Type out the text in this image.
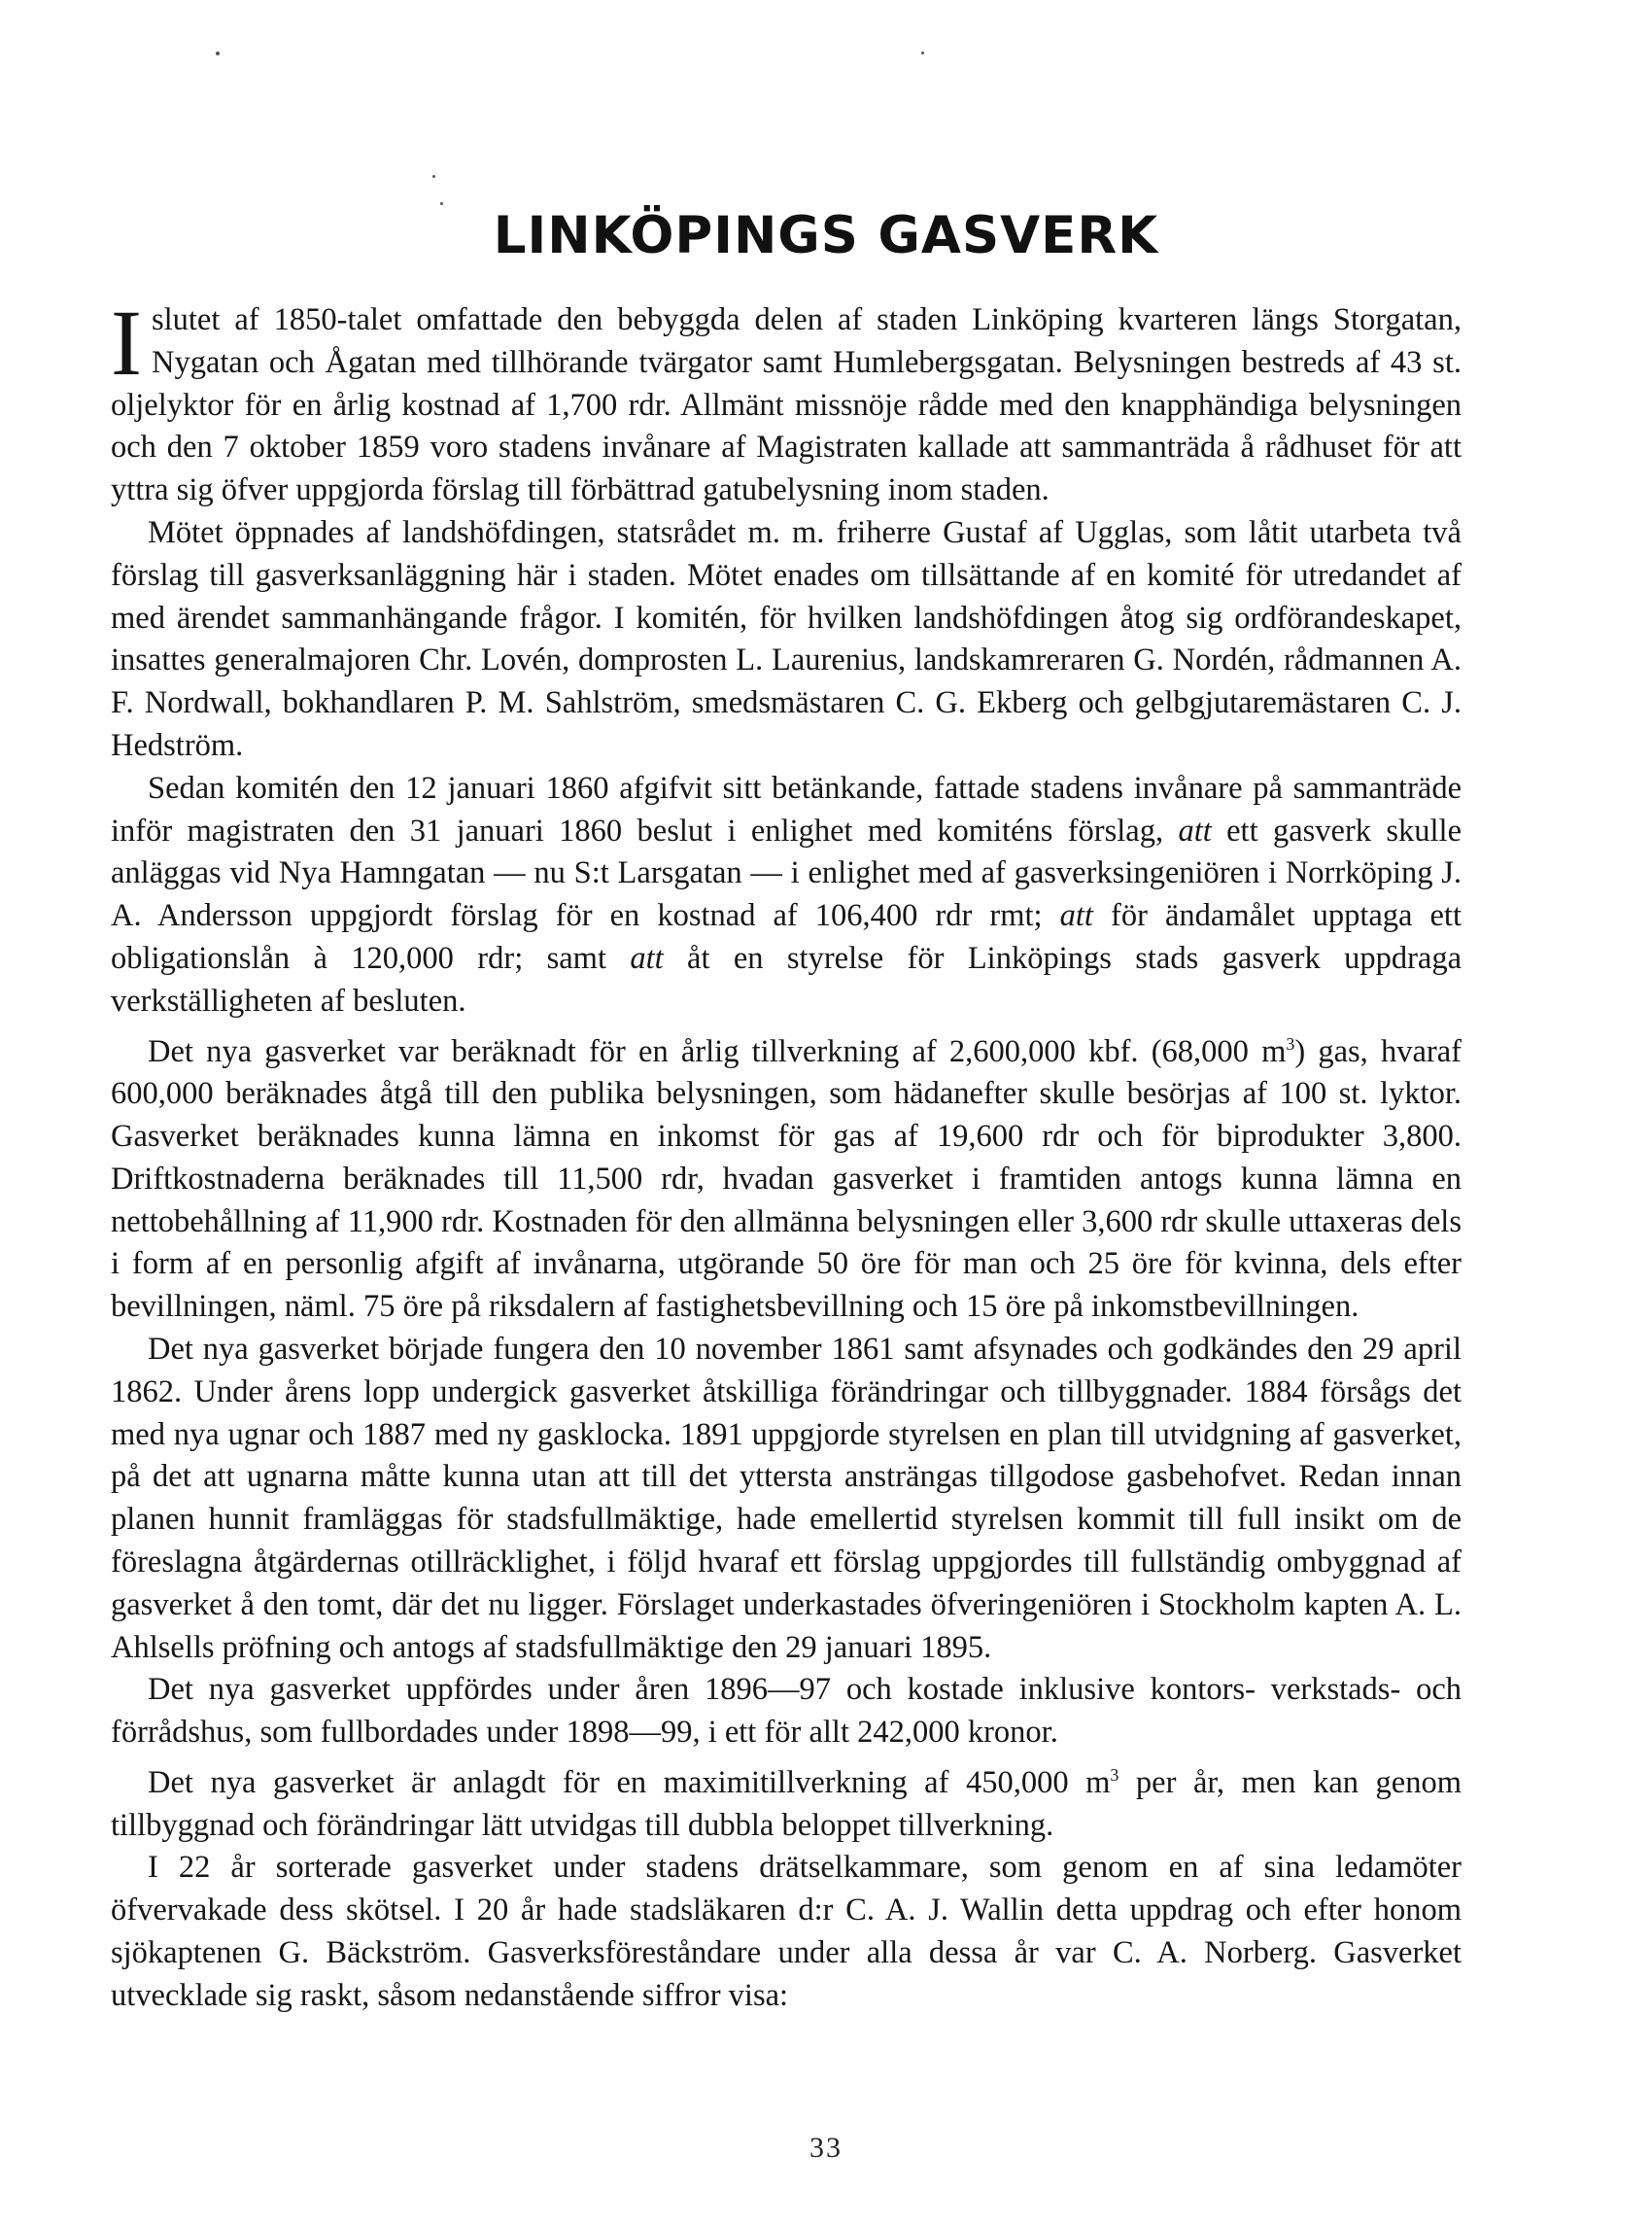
LINKÖPINGS GASVERK

Islutet af 1850-talet omfattade den bebyggda delen af staden Linköping kvarteren längs Storgatan, Nygatan och Ågatan med tillhörande tvärgator samt Humlebergsgatan. Belysningen bestreds af 43 st. oljelyktor för en årlig kostnad af 1,700 rdr. Allmänt missnöje rådde med den knapphändiga belysningen och den 7 oktober 1859 voro stadens invånare af Magistraten kallade att sammanträda å rådhuset för att yttra sig öfver uppgjorda förslag till förbättrad gatubelysning inom staden.

Mötet öppnades af landshöfdingen, statsrådet m. m. friherre Gustaf af Ugglas, som låtit utarbeta två förslag till gasverksanläggning här i staden. Mötet enades om tillsättande af en komité för utredandet af med ärendet sammanhängande frågor. I komitén, för hvilken landshöfdingen åtog sig ordförandeskapet, insattes generalmajoren Chr. Lovén, domprosten L. Laurenius, landskamreraren G. Nordén, rådmannen A. F. Nordwall, bokhandlaren P. M. Sahlström, smedsmästaren C. G. Ekberg och gelbgjutaremästaren C. J. Hedström.

Sedan komitén den 12 januari 1860 afgifvit sitt betänkande, fattade stadens invånare på sammanträde inför magistraten den 31 januari 1860 beslut i enlighet med komiténs förslag, att ett gasverk skulle anläggas vid Nya Hamngatan — nu S:t Larsgatan — i enlighet med af gasverksingeniören i Norrköping J. A. Andersson uppgjordt förslag för en kostnad af 106,400 rdr rmt; att för ändamålet upptaga ett obligationslån à 120,000 rdr; samt att åt en styrelse för Linköpings stads gasverk uppdraga verkställigheten af besluten.

Det nya gasverket var beräknadt för en årlig tillverkning af 2,600,000 kbf. (68,000 $m^3$) gas, hvaraf 600,000 beräknades åtgå till den publika belysningen, som hädanefter skulle besörjas af 100 st. lyktor. Gasverket beräknades kunna lämna en inkomst för gas af 19,600 rdr och för biprodukter 3,800. Driftkostnaderna beräknades till 11,500 rdr, hvadan gasverket i framtiden antogs kunna lämna en nettobehållning af 11,900 rdr. Kostnaden för den allmänna belysningen eller 3,600 rdr skulle uttaxeras dels i form af en personlig afgift af invånarna, utgörande 50 öre för man och 25 öre för kvinna, dels efter bevillningen, näml. 75 öre på riksdalern af fastighetsbevillning och 15 öre på inkomstbevillningen.

Det nya gasverket började fungera den 10 november 1861 samt afsynades och godkändes den 29 april 1862. Under årens lopp undergick gasverket åtskilliga förändringar och tillbyggnader. 1884 försågs det med nya ugnar och 1887 med ny gasklocka. 1891 uppgjorde styrelsen en plan till utvidgning af gasverket, på det att ugnarna måtte kunna utan att till det yttersta ansträngas tillgodose gasbehofvet. Redan innan planen hunnit framläggas för stadsfullmäktige, hade emellertid styrelsen kommit till full insikt om de föreslagna åtgärdernas otillräcklighet, i följd hvaraf ett förslag uppgjordes till fullständig ombyggnad af gasverket å den tomt, där det nu ligger. Förslaget underkastades öfveringeniören i Stockholm kapten A. L. Ahlsells pröfning och antogs af stadsfullmäktige den 29 januari 1895.

Det nya gasverket uppfördes under åren 1896—97 och kostade inklusive kontors- verkstads- och förrådshus, som fullbordades under 1898—99, i ett för allt 242,000 kronor.

Det nya gasverket är anlagdt för en maximitillverkning af 450,000 $m^3$ per år, men kan genom tillbyggnad och förändringar lätt utvidgas till dubbla beloppet tillverkning.

I 22 år sorterade gasverket under stadens drätselkammare, som genom en af sina ledamöter öfvervakade dess skötsel. I 20 år hade stadsläkaren d:r C. A. J. Wallin detta uppdrag och efter honom sjökaptenen G. Bäckström. Gasverksföreståndare under alla dessa år var C. A. Norberg. Gasverket utvecklade sig raskt, såsom nedanstående siffror visa:

33
